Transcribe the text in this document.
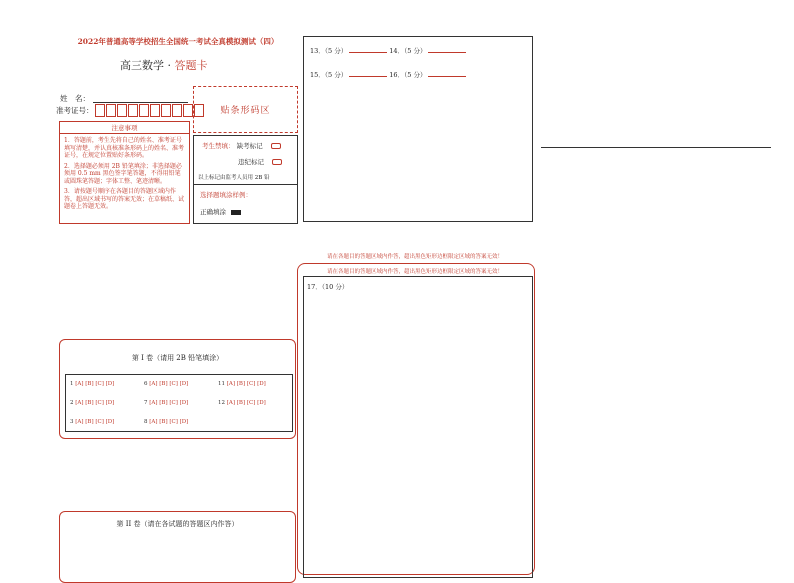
2022年普通高等学校招生全国统一考试全真模拟测试（四）
高三数学 · 答题卡
姓　名：
准考证号：
注意事项

1．答题前，考生先将自己的姓名、准考证号填写清楚，并认真核准条形码上的姓名、准考证号，在规定位置贴好条形码。

2．选择题必须用 2B 铅笔填涂；非选择题必须用 0.5 mm 黑色签字笔答题，不得用铅笔或圆珠笔答题；字体工整、笔迹清晰。

3．请按题号顺序在各题目的答题区域内作答，超出区域书写的答案无效；在草稿纸、试题卷上答题无效。

贴条形码区
考生禁填： 缺考标记
违纪标记
以上标记由监考人员用 2B 铅
选择题填涂样例：
正确填涂
13．（5 分）	14．（5 分）
15．（5 分）	16．（5 分）
请在各题目的答题区域内作答，超出黑色矩形边框限定区域的答案无效！
请在各题目的答题区域内作答，超出黑色矩形边框限定区域的答案无效！
17．（10 分）
第 I 卷（请用 2B 铅笔填涂）
1 [A] [B] [C] [D]
2 [A] [B] [C] [D]
3 [A] [B] [C] [D]
6 [A] [B] [C] [D]
7 [A] [B] [C] [D]
8 [A] [B] [C] [D]
11 [A] [B] [C] [D]
12 [A] [B] [C] [D]
第 II 卷（请在各试题的答题区内作答）
